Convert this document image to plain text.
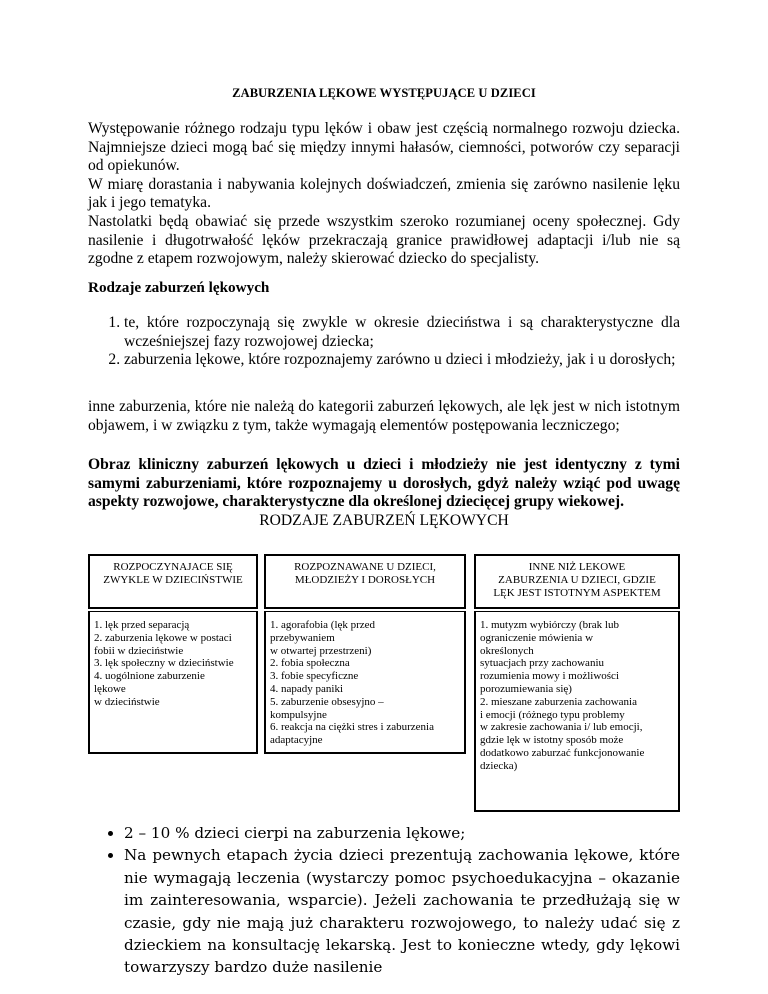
ZABURZENIA LĘKOWE WYSTĘPUJĄCE U DZIECI

Występowanie różnego rodzaju typu lęków i obaw jest częścią normalnego rozwoju dziecka. Najmniejsze dzieci mogą bać się między innymi hałasów, ciemności, potworów czy separacji od opiekunów.

W miarę dorastania i nabywania kolejnych doświadczeń, zmienia się zarówno nasilenie lęku jak i jego tematyka.

Nastolatki będą obawiać się przede wszystkim szeroko rozumianej oceny społecznej. Gdy nasilenie i długotrwałość lęków przekraczają granice prawidłowej adaptacji i/lub nie są zgodne z etapem rozwojowym, należy skierować dziecko do specjalisty.

Rodzaje zaburzeń lękowych
1. te, które rozpoczynają się zwykle w okresie dzieciństwa i są charakterystyczne dla wcześniejszej fazy rozwojowej dziecka;
2. zaburzenia lękowe, które rozpoznajemy zarówno u dzieci i młodzieży, jak i u dorosłych;

inne zaburzenia, które nie należą do kategorii zaburzeń lękowych, ale lęk jest w nich istotnym objawem, i w związku z tym, także wymagają elementów postępowania leczniczego;

Obraz kliniczny zaburzeń lękowych u dzieci i młodzieży nie jest identyczny z tymi samymi zaburzeniami, które rozpoznajemy u dorosłych, gdyż należy wziąć pod uwagę aspekty rozwojowe, charakterystyczne dla określonej dziecięcej grupy wiekowej.

RODZAJE ZABURZEŃ LĘKOWYCH
ROZPOCZYNAJACE SIĘ
ZWYKLE W DZIECIŃSTWIE
1. lęk przed separacją
2. zaburzenia lękowe w postaci
fobii w dzieciństwie
3. lęk społeczny w dzieciństwie
4. uogólnione zaburzenie
lękowe
w dzieciństwie
ROZPOZNAWANE U DZIECI,
MŁODZIEŻY I DOROSŁYCH
1. agorafobia (lęk przed
przebywaniem
w otwartej przestrzeni)
2. fobia społeczna
3. fobie specyficzne
4. napady paniki
5. zaburzenie obsesyjno –
kompulsyjne
6. reakcja na ciężki stres i zaburzenia
adaptacyjne
INNE NIŻ LEKOWE
ZABURZENIA U DZIECI, GDZIE
LĘK JEST ISTOTNYM ASPEKTEM
1. mutyzm wybiórczy (brak lub
ograniczenie mówienia w
określonych
sytuacjach przy zachowaniu
rozumienia mowy i możliwości
porozumiewania się)
2. mieszane zaburzenia zachowania
i emocji (różnego typu problemy
w zakresie zachowania i/ lub emocji,
gdzie lęk w istotny sposób może
dodatkowo zaburzać funkcjonowanie
dziecka)
• 2 – 10 % dzieci cierpi na zaburzenia lękowe;
• Na pewnych etapach życia dzieci prezentują zachowania lękowe, które nie wymagają leczenia (wystarczy pomoc psychoedukacyjna – okazanie im zainteresowania, wsparcie). Jeżeli zachowania te przedłużają się w czasie, gdy nie mają już charakteru rozwojowego, to należy udać się z dzieckiem na konsultację lekarską. Jest to konieczne wtedy, gdy lękowi towarzyszy bardzo duże nasilenie
